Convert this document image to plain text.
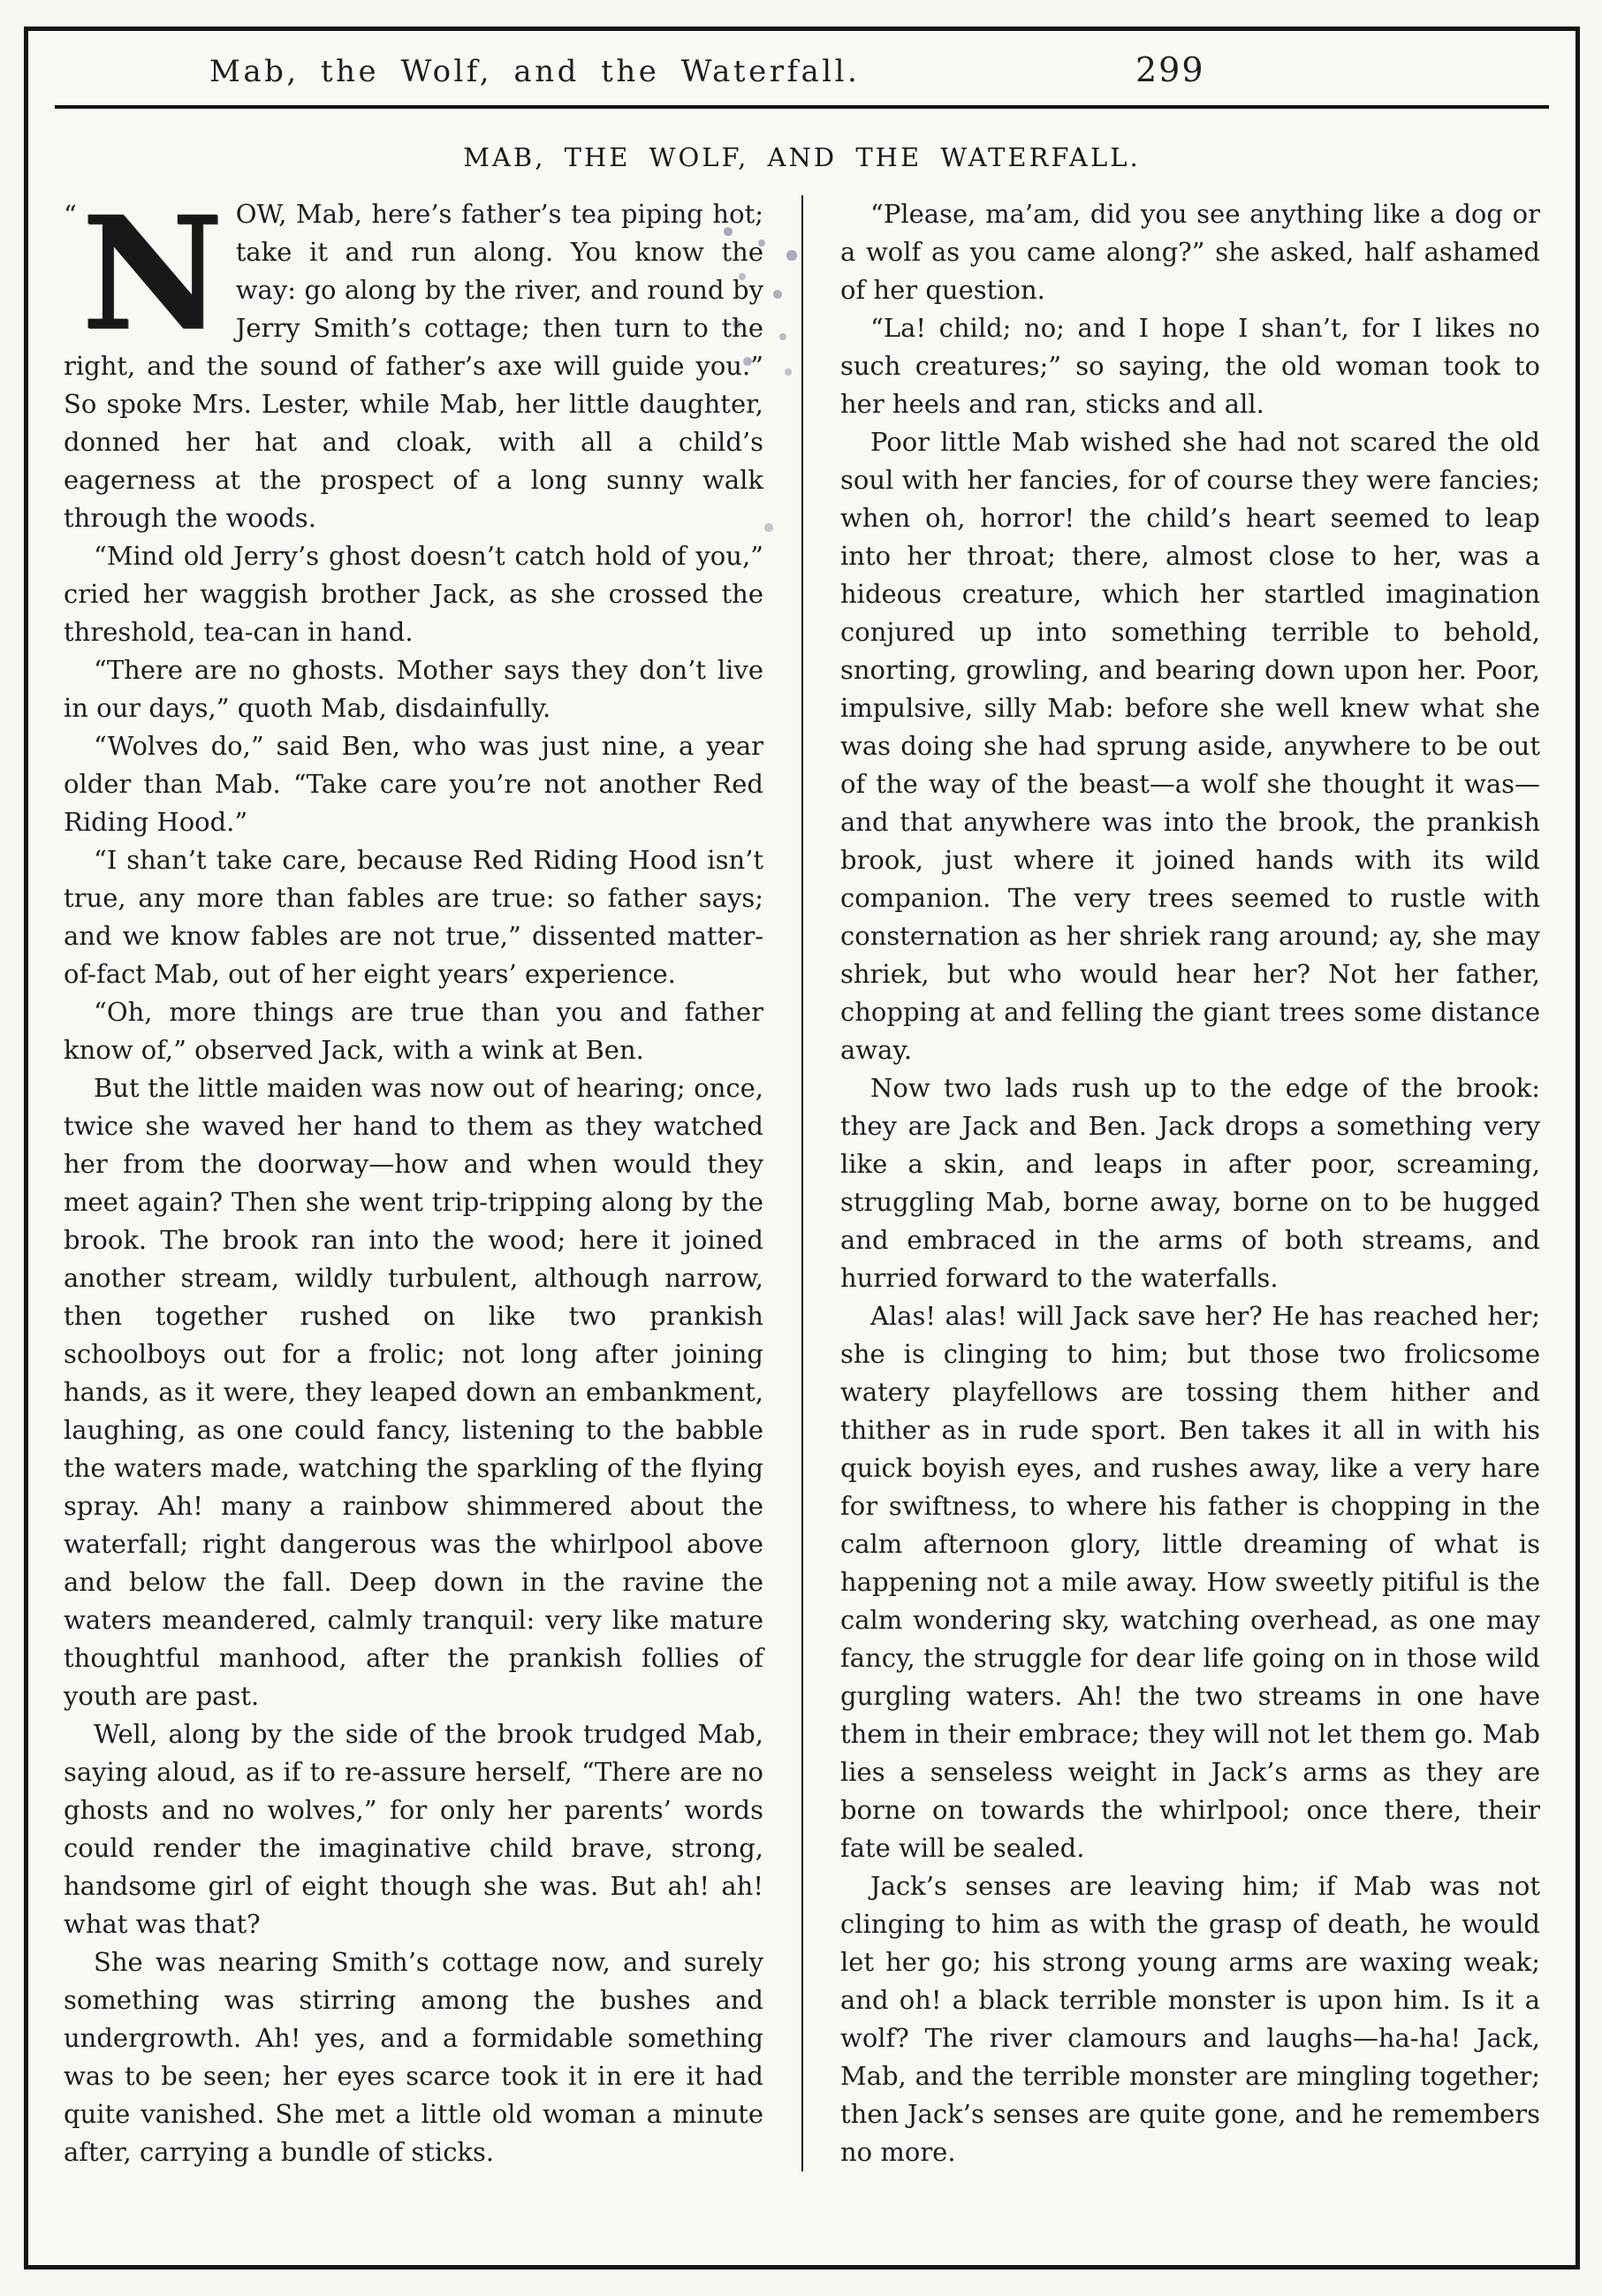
Mab, the Wolf, and the Waterfall.	299
MAB, THE WOLF, AND THE WATERFALL.

“ N OW, Mab, here’s father’s tea piping hot; take it and run along. You know the way: go along by the river, and round by Jerry Smith’s cottage; then turn to the right, and the sound of father’s axe will guide you.” So spoke Mrs. Lester, while Mab, her little daughter, donned her hat and cloak, with all a child’s eagerness at the prospect of a long sunny walk through the woods.

“Mind old Jerry’s ghost doesn’t catch hold of you,” cried her waggish brother Jack, as she crossed the threshold, tea-can in hand.

“There are no ghosts. Mother says they don’t live in our days,” quoth Mab, disdainfully.

“Wolves do,” said Ben, who was just nine, a year older than Mab. “Take care you’re not another Red Riding Hood.”

“I shan’t take care, because Red Riding Hood isn’t true, any more than fables are true: so father says; and we know fables are not true,” dissented matter-of-fact Mab, out of her eight years’ experience.

“Oh, more things are true than you and father know of,” observed Jack, with a wink at Ben.

But the little maiden was now out of hearing; once, twice she waved her hand to them as they watched her from the doorway—how and when would they meet again? Then she went trip-tripping along by the brook. The brook ran into the wood; here it joined another stream, wildly turbulent, although narrow, then together rushed on like two prankish schoolboys out for a frolic; not long after joining hands, as it were, they leaped down an embankment, laughing, as one could fancy, listening to the babble the waters made, watching the sparkling of the flying spray. Ah! many a rainbow shimmered about the waterfall; right dangerous was the whirlpool above and below the fall. Deep down in the ravine the waters meandered, calmly tranquil: very like mature thoughtful manhood, after the prankish follies of youth are past.

Well, along by the side of the brook trudged Mab, saying aloud, as if to re-assure herself, “There are no ghosts and no wolves,” for only her parents’ words could render the imaginative child brave, strong, handsome girl of eight though she was. But ah! ah! what was that?

She was nearing Smith’s cottage now, and surely something was stirring among the bushes and undergrowth. Ah! yes, and a formidable something was to be seen; her eyes scarce took it in ere it had quite vanished. She met a little old woman a minute after, carrying a bundle of sticks.

“Please, ma’am, did you see anything like a dog or a wolf as you came along?” she asked, half ashamed of her question.

“La! child; no; and I hope I shan’t, for I likes no such creatures;” so saying, the old woman took to her heels and ran, sticks and all.

Poor little Mab wished she had not scared the old soul with her fancies, for of course they were fancies; when oh, horror! the child’s heart seemed to leap into her throat; there, almost close to her, was a hideous creature, which her startled imagination conjured up into something terrible to behold, snorting, growling, and bearing down upon her. Poor, impulsive, silly Mab: before she well knew what she was doing she had sprung aside, anywhere to be out of the way of the beast—a wolf she thought it was—and that anywhere was into the brook, the prankish brook, just where it joined hands with its wild companion. The very trees seemed to rustle with consternation as her shriek rang around; ay, she may shriek, but who would hear her? Not her father, chopping at and felling the giant trees some distance away.

Now two lads rush up to the edge of the brook: they are Jack and Ben. Jack drops a something very like a skin, and leaps in after poor, screaming, struggling Mab, borne away, borne on to be hugged and embraced in the arms of both streams, and hurried forward to the waterfalls.

Alas! alas! will Jack save her? He has reached her; she is clinging to him; but those two frolicsome watery playfellows are tossing them hither and thither as in rude sport. Ben takes it all in with his quick boyish eyes, and rushes away, like a very hare for swiftness, to where his father is chopping in the calm afternoon glory, little dreaming of what is happening not a mile away. How sweetly pitiful is the calm wondering sky, watching overhead, as one may fancy, the struggle for dear life going on in those wild gurgling waters. Ah! the two streams in one have them in their embrace; they will not let them go. Mab lies a senseless weight in Jack’s arms as they are borne on towards the whirlpool; once there, their fate will be sealed.

Jack’s senses are leaving him; if Mab was not clinging to him as with the grasp of death, he would let her go; his strong young arms are waxing weak; and oh! a black terrible monster is upon him. Is it a wolf? The river clamours and laughs—ha-ha! Jack, Mab, and the terrible monster are mingling together; then Jack’s senses are quite gone, and he remembers no more.
